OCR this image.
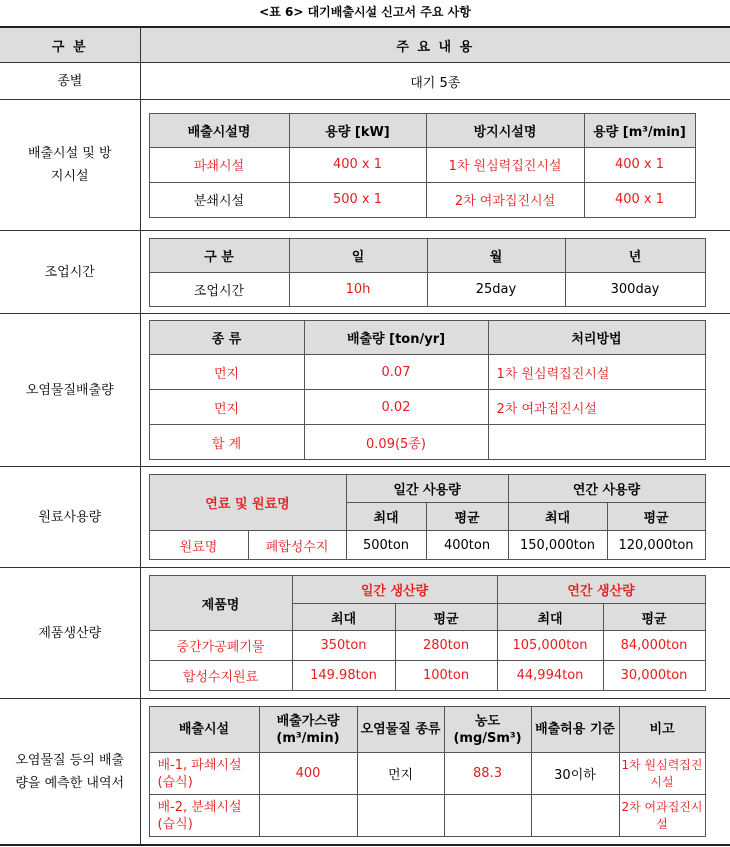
<표 6> 대기배출시설 신고서 주요 사항
구 분	주 요 내 용
종별	대기 5종

배출시설 및 방지시설

배출시설명	용량 [kW]	방지시설명	용량 [m³/min]
파쇄시설	400 x 1	1차 원심력집진시설	400 x 1
분쇄시설	500 x 1	2차 여과집진시설	400 x 1

조업시간	
구 분	일	월	년
조업시간	10h	25day	300day

오염물질배출량	
종 류	배출량 [ton/yr]	처리방법
먼지	0.07	1차 원심력집진시설
먼지	0.02	2차 여과집진시설
합 계	0.09(5종)	

원료사용량	
연료 및 원료명	일간 사용량	연간 사용량
최대	평균	최대	평균
원료명	폐합성수지	500ton	400ton	150,000ton	120,000ton

제품생산량	
제품명	일간 생산량	연간 생산량
최대	평균	최대	평균
중간가공폐기물	350ton	280ton	105,000ton	84,000ton
합성수지원료	149.98ton	100ton	44,994ton	30,000ton

오염물질 등의 배출량을 예측한 내역서

배출시설	배출가스량 (m³/min)	오염물질 종류	농도 (mg/Sm³)	배출허용 기준	비고
배-1, 파쇄시설(습식)	400	먼지	88.3	30이하	1차 원심력집진시설
배-2, 분쇄시설(습식)					2차 여과집진시설
